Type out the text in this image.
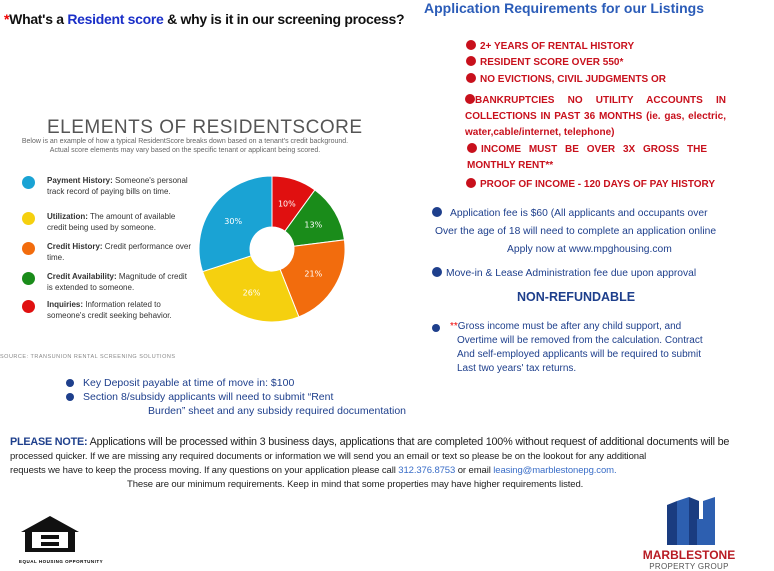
*What's a Resident score & why is it in our screening process?
Application Requirements for our Listings
2+ YEARS OF RENTAL HISTORY
RESIDENT SCORE OVER 550*
NO EVICTIONS, CIVIL JUDGMENTS OR
BANKRUPTCIES NO UTILITY ACCOUNTS IN COLLECTIONS IN PAST 36 MONTHS (ie. gas, electric, water,cable/internet, telephone)
INCOME MUST BE OVER 3X GROSS THE MONTHLY RENT**
PROOF OF INCOME - 120 DAYS OF PAY HISTORY
Application fee is $60 (All applicants and occupants over
Over the age of 18 will need to complete an application online
Apply now at www.mpghousing.com
Move-in & Lease Administration fee due upon approval
NON-REFUNDABLE
**Gross income must be after any child support, and
Overtime will be removed from the calculation. Contract
And self-employed applicants will be required to submit
Last two years' tax returns.
ELEMENTS OF RESIDENTSCORE
Below is an example of how a typical ResidentScore breaks down based on a tenant's credit background.
Actual score elements may vary based on the specific tenant or applicant being scored.
Payment History: Someone's personal track record of paying bills on time.
Utilization: The amount of available credit being used by someone.
Credit History: Credit performance over time.
Credit Availability: Magnitude of credit is extended to someone.
Inquiries: Information related to someone's credit seeking behavior.
10%
13%
21%
26%
30%
SOURCE: TRANSUNION RENTAL SCREENING SOLUTIONS
Key Deposit payable at time of move in: $100
Section 8/subsidy applicants will need to submit “Rent
Burden” sheet and any subsidy required documentation
PLEASE NOTE: Applications will be processed within 3 business days, applications that are completed 100% without request of additional documents will be
processed quicker. If we are missing any required documents or information we will send you an email or text so please be on the lookout for any additional
requests we have to keep the process moving. If any questions on your application please call 312.376.8753 or email leasing@marblestonepg.com.
These are our minimum requirements. Keep in mind that some properties may have higher requirements listed.
EQUAL HOUSING OPPORTUNITY	MARBLESTONE
PROPERTY GROUP
